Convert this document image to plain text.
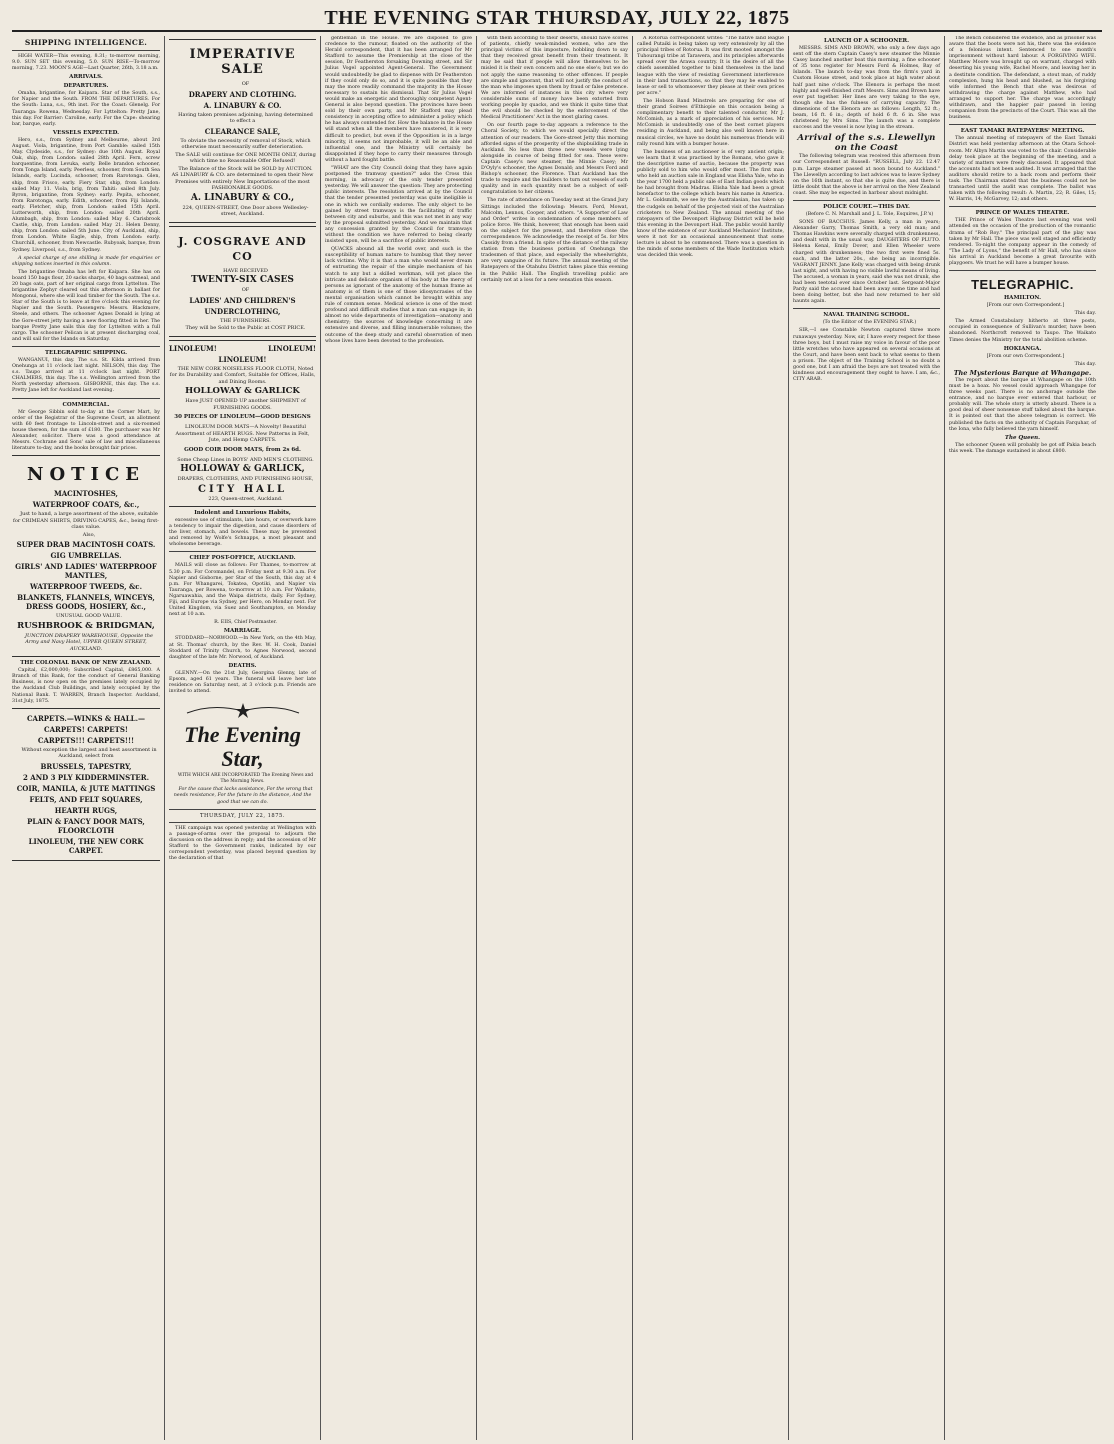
THE EVENING STAR THURSDAY, JULY 22, 1875
SHIPPING INTELLIGENCE.

HIGH WATER—This evening, 8.31; to-morrow morning, 9.0. SUN SET this evening, 5.0. SUN RISE—To-morrow morning, 7.23. MOON'S AGE—Last Quarter, 26th, 3.18 a.m.

ARRIVALS.
DEPARTURES.

Omaha, brigantine, for Kaipara. Star of the South, s.s., for Napier and the South. FROM THE DEPARTURES. For the South: Luna, s.s., 9th inst. For the Coast: Glenelg. For Tauranga: Rowena, Wednesday. For Lyttelton: Pretty Jane, this day. For Barrier: Caroline, early. For the Cape: shearing bar, barque, early.

VESSELS EXPECTED.

Hero, s.s., from Sydney and Melbourne, about 3rd August. Viola, brigantine, from Port Gamble: sailed 15th May. Clydeside, s.s., for Sydney: due 10th August. Royal Oak, ship, from London: sailed 28th April. Fern, screw barquentine, from Levuka, early. Belle brandon schooner, from Tonga Island, early. Peerless, schooner, from South Sea Islands, early. Lucinda, schooner, from Rarotonga. Glen, ship, from Frisco, early. Fiery Star, ship, from London: sailed May 11. Viola, brig, from Tahiti: sailed 8th July. Byron, brigantine, from Sydney: early. Pepita, schooner, from Rarotonga, early. Edith, schooner, from Fiji Islands, early. Fletcher, ship, from London: sailed 15th April. Lutterworth, ship, from London: sailed 20th April. Alumbagh, ship, from London: sailed May 6. Carisbrook Castle, ship, from London: sailed May 21. Helen Denny, ship, from London: sailed 5th June. City of Auckland, ship, from London. White Eagle, ship, from London: early. Churchill, schooner, from Newcastle. Rubyoak, barque, from Sydney. Liverpool, s.s., from Sydney.

A special charge of one shilling is made for enquiries or shipping notices inserted in this column.

The brigantine Omaha has left for Kaipara. She has on board 150 bags flour, 20 sacks sharps, 40 bags oatmeal, and 20 bags oats, part of her original cargo from Lyttelton. The brigantine Zephyr cleared out this afternoon in ballast for Mongonui, where she will load timber for the South. The s.s. Star of the South is to leave at five o'clock this evening for Napier and the South. Passengers: Messrs. Blackmore, Steele, and others. The schooner Agnes Donald is lying at the Gore-street jetty having a new flooring fitted in her. The barque Pretty Jane sails this day for Lyttelton with a full cargo. The schooner Pelican is at present discharging coal, and will sail for the Islands on Saturday.

TELEGRAPHIC SHIPPING.

WANGANUI, this day. The s.s. St. Kilda arrived from Onehunga at 11 o'clock last night. NELSON, this day. The s.s. Taupo arrived at 11 o'clock last night. PORT CHALMERS, this day. The s.s. Wellington arrived from the North yesterday afternoon. GISBORNE, this day. The s.s. Pretty Jane left for Auckland last evening.

COMMERCIAL.

Mr George Sibbin sold to-day at the Corner Mart, by order of the Registrar of the Supreme Court, an allotment with 60 feet frontage to Lincoln-street and a six-roomed house thereon, for the sum of £180. The purchaser was Mr Alexander, solicitor. There was a good attendance at Messrs. Cochrane and Sons' sale of law and miscellaneous literature to-day, and the books brought fair prices.

NOTICE
MACINTOSHES,
WATERPROOF COATS, &c.,

Just to hand, a large assortment of the above, suitable for CRIMEAN SHIRTS, DRIVING CAPES, &c., being first-class value.

Also,

SUPER DRAB MACINTOSH COATS.
GIG UMBRELLAS.
GIRLS' AND LADIES' WATERPROOF MANTLES,
WATERPROOF TWEEDS, &c.
BLANKETS, FLANNELS, WINCEYS, DRESS GOODS, HOSIERY, &c.,

UNUSUAL GOOD VALUE.

RUSHBROOK & BRIDGMAN,

JUNCTION DRAPERY WAREHOUSE, Opposite the Army and Navy Hotel, UPPER QUEEN STREET, AUCKLAND.

THE COLONIAL BANK OF NEW ZEALAND.

Capital, £2,000,000; Subscribed Capital, £865,000. A Branch of this Bank, for the conduct of General Banking Business, is now open on the premises lately occupied by the Auckland Club Buildings, and lately occupied by the National Bank. T. WARREN, Branch Inspector. Auckland, 31st July, 1875.

CARPETS.—WINKS & HALL.—
CARPETS! CARPETS!
CARPETS!!! CARPETS!!!

Without exception the largest and best assortment in Auckland, select from

BRUSSELS, TAPESTRY,
2 AND 3 PLY KIDDERMINSTER.
COIR, MANILA, & JUTE MATTINGS
FELTS, AND FELT SQUARES,
HEARTH RUGS,
PLAIN & FANCY DOOR MATS, FLOORCLOTH
LINOLEUM, THE NEW CORK CARPET.
IMPERATIVE SALE

OF

DRAPERY AND CLOTHING.
A. LINABURY & CO.

Having taken premises adjoining, having determined to effect a

CLEARANCE SALE,

To obviate the necessity of removal of Stock, which otherwise must necessarily suffer deterioration.

The SALE will continue for ONE MONTH ONLY, during which time no Reasonable Offer Refused!

The Balance of the Stock will be SOLD by AUCTION. AS LINABURY & CO. are determined to open their New Premises with entirely New Importations of the most FASHIONABLE GOODS.

A. LINABURY & CO.,

224, QUEEN-STREET, One Door above Wellesley-street, Auckland.

J. COSGRAVE AND CO

HAVE RECEIVED

TWENTY-SIX CASES

OF

LADIES' AND CHILDREN'S
UNDERCLOTHING,

THE FURNISHERS.

They will be Sold to the Public at COST PRICE.

LINOLEUM!	LINOLEUM!
LINOLEUM!

THE NEW CORK NOISELESS FLOOR CLOTH, Noted for its Durability and Comfort, Suitable for Offices, Halls, and Dining Rooms.

HOLLOWAY & GARLICK

Have JUST OPENED UP another SHIPMENT of FURNISHING GOODS.

30 PIECES OF LINOLEUM—GOOD DESIGNS

LINOLEUM DOOR MATS—A Novelty! Beautiful Assortment of HEARTH RUGS. New Patterns in Felt, Jute, and Hemp CARPETS.

GOOD COIR DOOR MATS, from 2s 6d.

Some Cheap Lines in BOYS' AND MEN'S CLOTHING.

HOLLOWAY & GARLICK,

DRAPERS, CLOTHIERS, AND FURNISHING HOUSE,

CITY HALL

223, Queen-street, Auckland.

Indolent and Luxurious Habits,

excessive use of stimulants, late hours, or overwork have a tendency to impair the digestion, and cause disorders of the liver, stomach, and bowels. These may be prevented and removed by Wolfe's Schnapps, a most pleasant and wholesome beverage.

CHIEF POST-OFFICE, AUCKLAND.

MAILS will close as follows: For Thames, to-morrow at 5.30 p.m. For Coromandel, on Friday next at 9.30 a.m. For Napier and Gisborne, per Star of the South, this day at 4 p.m. For Whangarei, Tokatea, Opotiki, and Napier via Tauranga, per Rowena, to-morrow at 10 a.m. For Waikato, Ngaruawahia, and the Waipa districts, daily. For Sydney, Fiji, and Europe via Sydney, per Hero, on Monday next. For United Kingdom, via Suez and Southampton, on Monday next at 10 a.m.

R. EIIS, Chief Postmaster.

MARRIAGE.

STODDARD—NORWOOD.—In New York, on the 4th May, at St. Thomas' church, by the Rev. W. H. Cook, Daniel Stoddard of Trinity Church, to Agnes Norwood, second daughter of the late Mr. Norwood, of Auckland.

DEATHS.

GLENNY.—On the 21st July, Georgina Glenny, late of Epsom, aged 61 years. The funeral will leave her late residence on Saturday next, at 3 o'clock p.m. Friends are invited to attend.

The Evening Star,

WITH WHICH ARE INCORPORATED The Evening News and The Morning News.

For the cause that lacks assistance, For the wrong that needs resistance, For the future in the distance, And the good that we can do.

THURSDAY, JULY 22, 1875.

THE campaign was opened yesterday at Wellington with a passage-of-arms over the proposal to adjourn the discussion on the address in reply; and the accession of Mr Stafford to the Government ranks, indicated by our correspondent yesterday, was placed beyond question by the declaration of that

gentleman in the House. We are disposed to give credence to the rumour, floated on the authority of the Herald correspondent, that it has been arranged for Mr Stafford to assume the Premiership at the close of the session, Dr Featherston forsaking Downing street, and Sir Julius Vogel appointed Agent-General. The Government would undoubtedly be glad to dispense with Dr Featherston if they could only do so, and it is quite possible that they may the more readily command the majority in the House necessary to sustain his dismissal. That Sir Julius Vogel would make an energetic and thoroughly competent Agent-General is also beyond question. The provinces have been sold by their own party, and Mr Stafford may plead consistency in accepting office to administer a policy which he has always contended for. How the balance in the House will stand when all the members have mustered, it is very difficult to predict, but even if the Opposition is in a large minority, it seems not improbable, it will be an able and influential one, and the Ministry will certainly be disappointed if they hope to carry their measures through without a hard fought battle.

"WHAT are the City Council doing that they have again postponed the tramway question?" asks the Cross this morning, in advocacy of the only tender presented yesterday. We will answer the question: They are protecting public interests. The resolution arrived at by the Council that the tender presented yesterday was quite ineligible is one in which we cordially endorse. The only object to be gained by street tramways is the facilitating of traffic between city and suburbs, and this was not met in any way by the proposal submitted yesterday. And we maintain that any concession granted by the Council for tramways without the condition we have referred to being clearly insisted upon, will be a sacrifice of public interests.

QUACKS abound all the world over, and such is the susceptibility of human nature to humbug that they never lack victims. Why it is that a man who would never dream of entrusting the repair of the simple mechanism of his watch to any but a skilled workman, will yet place the intricate and delicate organism of his body at the mercy of persons as ignorant of the anatomy of the human frame as anatomy is of them is one of those idiosyncrasies of the mental organisation which cannot be brought within any rule of common sense. Medical science is one of the most profound and difficult studies that a man can engage in; in almost no wide departments of investigation—anatomy and chemistry; the sources of knowledge concerning it are extensive and diverse, and filling innumerable volumes; the outcome of the deep study and careful observation of men whose lives have been devoted to the profession.

with them according to their deserts, should have scores of patients, chiefly weak-minded women, who are the principal victims of this imposture, hobbling down to say that they received great benefit from their treatment. It may be said that if people will allow themselves to be misled it is their own concern and no one else's; but we do not apply the same reasoning to other offences. If people are simple and ignorant, that will not justify the conduct of the man who imposes upon them by fraud or false pretence. We are informed of instances in this city where very considerable sums of money have been extorted from working people by quacks, and we think it quite time that the evil should be checked by the enforcement of the Medical Practitioners' Act in the most glaring cases.

On our fourth page to-day appears a reference to the Choral Society, to which we would specially direct the attention of our readers. The Gore-street Jetty this morning afforded signs of the prosperity of the shipbuilding trade in Auckland. No less than three new vessels were lying alongside in course of being fitted for sea. These were: Captain Casey's new steamer, the Minnie Casey; Mr D'Oyly's schooner, the Agnes Donald; and Messrs Ford and Bishop's schooner, the Florence. That Auckland has the trade to require and the builders to turn out vessels of such quality and in such quantity must be a subject of self-congratulation to her citizens.

The rate of attendance on Tuesday next at the Grand Jury Sittings included the following: Messrs. Ford, Mowat, Malcolm, Lennox, Cooper, and others. "A Supporter of Law and Order" writes in condemnation of some members of police force. We think, however, that enough has been said on the subject for the present, and therefore close the correspondence. We acknowledge the receipt of 5s. for Mrs Cassidy from a friend. In spite of the distance of the railway station from the business portion of Onehunga the tradesmen of that place, and especially the wheelwrights, are very sanguine of its future. The annual meeting of the Ratepayers of the Otahuhu District takes place this evening in the Public Hall. The English travelling public are certainly not at a loss for a new sensation this season.

A Rotorua correspondent writes: "The native land league called Putaiki is being taken up very extensively by all the principal tribes of Rotorua. It was first mooted amongst the Tuhourangi tribe at Tarawera, and its principles afterwards spread over the Arawa country. It is the desire of all the chiefs assembled together to bind themselves in the land league with the view of resisting Government interference in their land transactions, so that they may be enabled to lease or sell to whomsoever they please at their own prices per acre."

The Hobson Band Minstrels are preparing for one of their grand Soirees d'Ethiopie on this occasion being a complimentary benefit to their talented conductor, Mr J. McComish, as a mark of appreciation of his services. Mr McComish is undoubtedly one of the best cornet players residing in Auckland, and being also well known here in musical circles, we have no doubt his numerous friends will rally round him with a bumper house.

The business of an auctioneer is of very ancient origin; we learn that it was practised by the Romans, who gave it the descriptive name of auctio, because the property was publicly sold to him who would offer most. The first man who held an auction sale in England was Elisha Yale, who in the year 1700 held a public sale of East Indian goods which he had brought from Madras. Elisha Yale had been a great benefactor to the college which bears his name in America. Mr L. Goldsmith, we see by the Australasian, has taken up the cudgels on behalf of the projected visit of the Australian cricketers to New Zealand. The annual meeting of the ratepayers of the Devonport Highway District will be held this evening in the Devonport Hall. The public would hardly know of the existence of our Auckland Mechanics' Institute, were it not for an occasional announcement that some lecture is about to be commenced. There was a question in the minds of some members of the Wade Institution which was decided this week.

LAUNCH OF A SCHOONER.

MESSRS. SIMS AND BROWN, who only a few days ago sent off the stern Captain Casey's new steamer the Minnie Casey launched another boat this morning, a fine schooner of 35 tons register for Messrs Ford & Holmes, Bay of Islands. The launch to-day was from the firm's yard in Custom House street, and took place at high water about half past nine o'clock. The Elenora is perhaps the most highly and well-finished craft Messrs. Sims and Brown have ever put together. Her lines are very taking to the eye, though she has the fulness of carrying capacity. The dimensions of the Elenora are as follows: Length, 52 ft.; beam, 16 ft. 6 in.; depth of hold 6 ft. 6 in. She was christened by Mrs Sims. The launch was a complete success and the vessel is now lying in the stream.

Arrival of the s.s. Llewellyn on the Coast

The following telegram was received this afternoon from our Correspondent at Russell: "RUSSELL, July 22. 12.47 p.m. Large steamer passed at noon bound to Auckland." The Llewellyn according to last advices was to leave Sydney on the 16th instant, so that she is quite due, and there is little doubt that the above is her arrival on the New Zealand coast. She may be expected in harbour about midnight.

POLICE COURT.—THIS DAY.

(Before C. N. Marshall and J. L. Tole, Esquires, J.P.'s)

SONS OF BACCHUS. James Kelly, a man in years; Alexander Garry, Thomas Smith, a very old man; and Thomas Hawkins were severally charged with drunkenness, and dealt with in the usual way. DAUGHTERS OF PLUTO. Helena Kenal, Emily Dover, and Ellen Wheeler were charged with drunkenness; the two first were fined 5s. each, and the latter 20s., she being an incorrigible. VAGRANT JENNY. Jane Kelly was charged with being drunk last night, and with having no visible lawful means of living. The accused, a woman in years, said she was not drunk, she had been teetotal ever since October last. Sergeant-Major Pardy said the accused had been away some time and had been doing better, but she had now returned to her old haunts again.

NAVAL TRAINING SCHOOL.

(To the Editor of the EVENING STAR.)

SIR,—I see Constable Newton captured three more runaways yesterday. Now, sir, I have every respect for these three boys, but I must raise my voice in favour of the poor little wretches who have appeared on several occasions at the Court, and have been sent back to what seems to them a prison. The object of the Training School is no doubt a good one, but I am afraid the boys are not treated with the kindness and encouragement they ought to have. I am, &c., CITY ARAB.

The Bench considered the evidence, and as prisoner was aware that the boots were not his, there was the evidence of a felonious intent. Sentenced to one month's imprisonment without hard labour. A FORGIVING WIFE. Matthew Moore was brought up on warrant, charged with deserting his young wife, Rachel Moore, and leaving her in a destitute condition. The defendant, a stout man, of ruddy complexion, hung his head and blushed, as his forgiving wife informed the Bench that she was desirous of withdrawing the charge against Matthew, who had arranged to support her. The charge was accordingly withdrawn, and the happier pair passed in loving companion from the precincts of the Court. This was all the business.

EAST TAMAKI RATEPAYERS' MEETING.

The annual meeting of ratepayers of the East Tamaki District was held yesterday afternoon at the Otara School-room. Mr Albyn Martin was voted to the chair. Considerable delay took place at the beginning of the meeting, and a variety of matters were freely discussed. It appeared that the accounts had not been audited. It was arranged that the auditors should retire to a back room and perform their task. The Chairman stated that the business could not be transacted until the audit was complete. The ballot was taken with the following result: A. Martin, 22; R. Giles, 15; W. Harris, 14; McGarvey, 12; and others.

PRINCE OF WALES THEATRE.

THE Prince of Wales Theatre last evening was well attended on the occasion of the production of the romantic drama of "Rob Roy." The principal part of the play was taken by Mr Hall. The piece was well staged and efficiently rendered. To-night the company appear in the comedy of "The Lady of Lyons," the benefit of Mr Hall, who has since his arrival in Auckland become a great favourite with playgoers. We trust he will have a bumper house.

TELEGRAPHIC.
HAMILTON.

[From our own Correspondent.]

This day.

The Armed Constabulary hitherto at three posts, occupied in consequence of Sullivan's murder, have been abandoned. Northcroft removed to Taupo. The Waikato Times denies the Ministry for the total abolition scheme.

HOKIANGA.

[From our own Correspondent.]

This day.

The Mysterious Barque at Whangape.

The report about the barque at Whangape on the 10th must be a hoax. No vessel could approach Whangape for three weeks past. There is no anchorage outside the entrance, and no barque ever entered that harbour, or probably will. The whole story is utterly absurd. There is a good deal of sheer nonsense stuff talked about the barque. It is pointed out that the above telegram is correct. We published the facts on the authority of Captain Farquhar, of the Iona, who fully believed the yarn himself.

The Queen.

The schooner Queen will probably be got off Pakia beach this week. The damage sustained is about £800.
